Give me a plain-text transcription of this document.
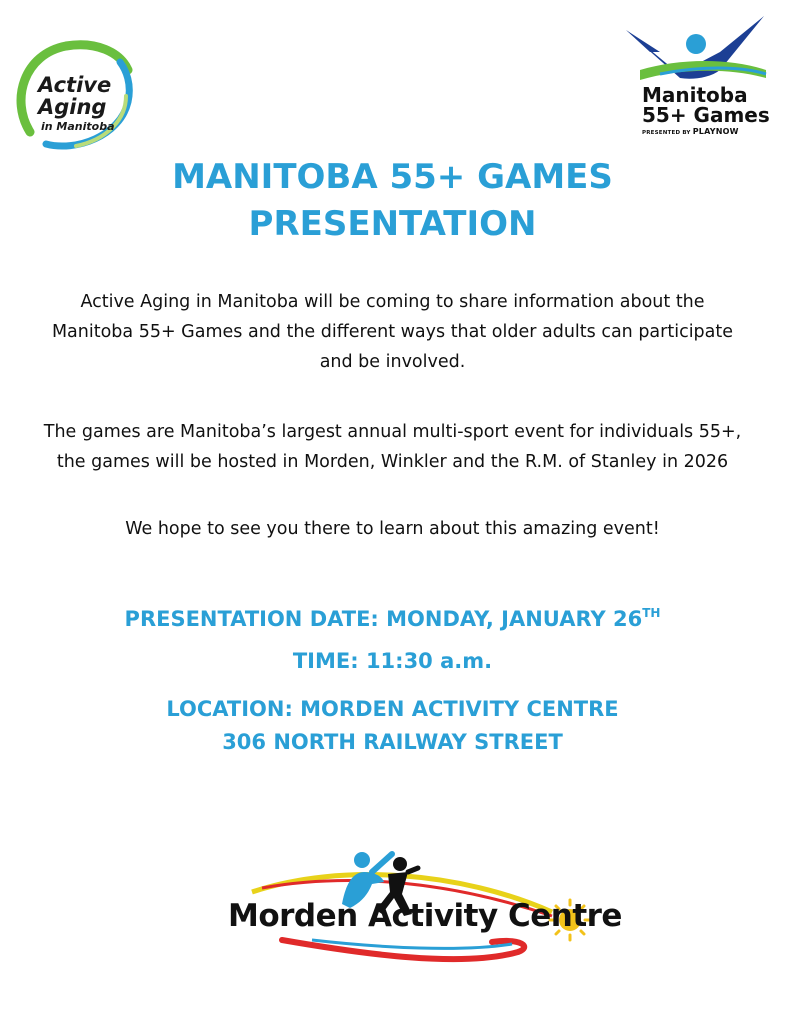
Active
Aging
in Manitoba
Manitoba
55+ Games
PRESENTED BY PLAYNOW
MANITOBA 55+ GAMES
PRESENTATION

Active Aging in Manitoba will be coming to share information about the
Manitoba 55+ Games and the different ways that older adults can participate
and be involved.

The games are Manitoba’s largest annual multi-sport event for individuals 55+,
the games will be hosted in Morden, Winkler and the R.M. of Stanley in 2026

We hope to see you there to learn about this amazing event!

PRESENTATION DATE: MONDAY, JANUARY 26TH

TIME: 11:30 a.m.

LOCATION: MORDEN ACTIVITY CENTRE
306 NORTH RAILWAY STREET

Morden Activity Centre
